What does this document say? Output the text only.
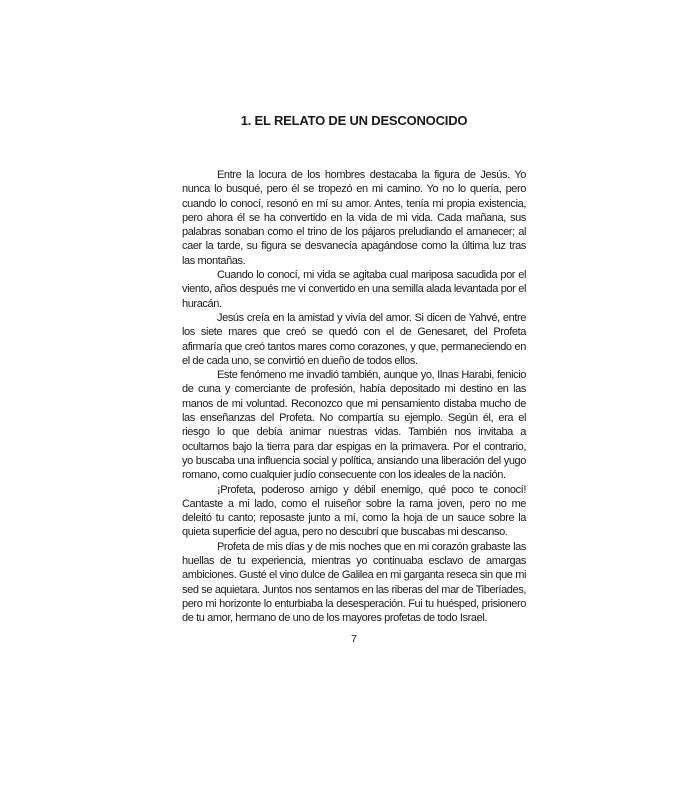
1. EL RELATO DE UN DESCONOCIDO

Entre la locura de los hombres destacaba la figura de Jesús. Yo nunca lo busqué, pero él se tropezó en mi camino. Yo no lo quería, pero cuando lo conocí, resonó en mí su amor. Antes, tenía mi propia existencia, pero ahora él se ha convertido en la vida de mi vida. Cada mañana, sus palabras sonaban como el trino de los pájaros preludiando el amanecer; al caer la tarde, su figura se desvanecía apagándose como la última luz tras las montañas.

Cuando lo conocí, mi vida se agitaba cual mariposa sacudida por el viento, años después me vi convertido en una semilla alada levantada por el huracán.

Jesús creía en la amistad y vivía del amor. Si dicen de Yahvé, entre los siete mares que creó se quedó con el de Genesaret, del Profeta afirmaría que creó tantos mares como corazones, y que, permaneciendo en el de cada uno, se convirtió en dueño de todos ellos.

Este fenómeno me invadió también, aunque yo, Ilnas Harabi, fenicio de cuna y comerciante de profesión, había depositado mi destino en las manos de mi voluntad. Reconozco que mi pensamiento distaba mucho de las enseñanzas del Profeta. No compartía su ejemplo. Según él, era el riesgo lo que debía animar nuestras vidas. También nos invitaba a ocultarnos bajo la tierra para dar espigas en la primavera. Por el contrario, yo buscaba una influencia social y política, ansiando una liberación del yugo romano, como cualquier judío consecuente con los ideales de la nación.

¡Profeta, poderoso amigo y débil enemigo, qué poco te conocí! Cantaste a mi lado, como el ruiseñor sobre la rama joven, pero no me deleitó tu canto; reposaste junto a mí, como la hoja de un sauce sobre la quieta superficie del agua, pero no descubrí que buscabas mi descanso.

Profeta de mis días y de mis noches que en mi corazón grabaste las huellas de tu experiencia, mientras yo continuaba esclavo de amargas ambiciones. Gusté el vino dulce de Galilea en mi garganta reseca sin que mi sed se aquietara. Juntos nos sentamos en las riberas del mar de Tiberíades, pero mi horizonte lo enturbiaba la desesperación. Fui tu huésped, prisionero de tu amor, hermano de uno de los mayores profetas de todo Israel.

7
